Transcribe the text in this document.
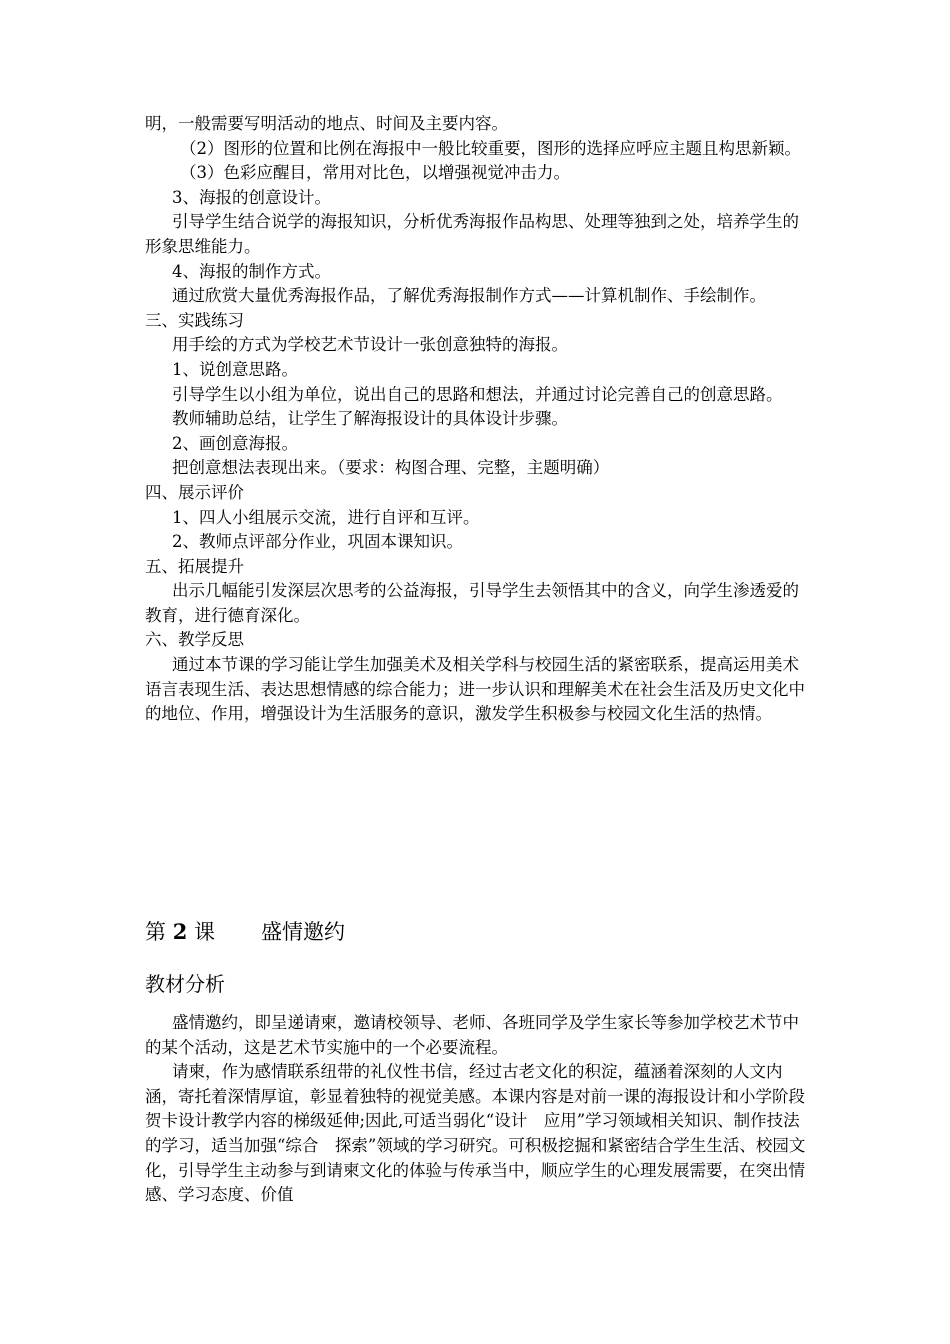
明，一般需要写明活动的地点、时间及主要内容。

（2）图形的位置和比例在海报中一般比较重要，图形的选择应呼应主题且构思新颖。

（3）色彩应醒目，常用对比色，以增强视觉冲击力。

3、海报的创意设计。

引导学生结合说学的海报知识，分析优秀海报作品构思、处理等独到之处，培养学生的形象思维能力。

4、海报的制作方式。

通过欣赏大量优秀海报作品，了解优秀海报制作方式——计算机制作、手绘制作。

三、实践练习

用手绘的方式为学校艺术节设计一张创意独特的海报。

1、说创意思路。

引导学生以小组为单位，说出自己的思路和想法，并通过讨论完善自己的创意思路。

教师辅助总结，让学生了解海报设计的具体设计步骤。

2、画创意海报。

把创意想法表现出来。（要求：构图合理、完整，主题明确）

四、展示评价

1、四人小组展示交流，进行自评和互评。

2、教师点评部分作业，巩固本课知识。

五、拓展提升

出示几幅能引发深层次思考的公益海报，引导学生去领悟其中的含义，向学生渗透爱的教育，进行德育深化。

六、教学反思

通过本节课的学习能让学生加强美术及相关学科与校园生活的紧密联系，提高运用美术语言表现生活、表达思想情感的综合能力；进一步认识和理解美术在社会生活及历史文化中的地位、作用，增强设计为生活服务的意识，激发学生积极参与校园文化生活的热情。

第 2 课 盛情邀约
教材分析

盛情邀约，即呈递请柬，邀请校领导、老师、各班同学及学生家长等参加学校艺术节中的某个活动，这是艺术节实施中的一个必要流程。

请柬，作为感情联系纽带的礼仪性书信，经过古老文化的积淀，蕴涵着深刻的人文内涵，寄托着深情厚谊，彰显着独特的视觉美感。本课内容是对前一课的海报设计和小学阶段贺卡设计教学内容的梯级延伸;因此,可适当弱化“设计　应用”学习领域相关知识、制作技法的学习，适当加强“综合　探索”领域的学习研究。可积极挖掘和紧密结合学生生活、校园文化，引导学生主动参与到请柬文化的体验与传承当中，顺应学生的心理发展需要，在突出情感、学习态度、价值
